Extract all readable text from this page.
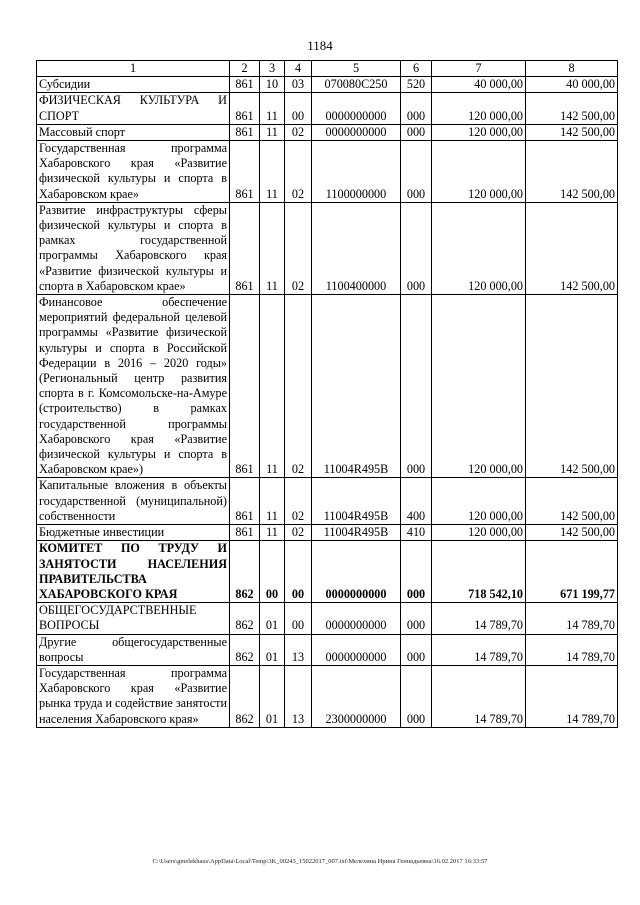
1184
1	2	3	4	5	6	7	8
Субсидии	861	10	03	070080C250	520	40 000,00	40 000,00
ФИЗИЧЕСКАЯ КУЛЬТУРА И СПОРТ	861	11	00	0000000000	000	120 000,00	142 500,00
Массовый спорт	861	11	02	0000000000	000	120 000,00	142 500,00
Государственная программа Хабаровского края «Развитие физической культуры и спорта в Хабаровском крае»	861	11	02	1100000000	000	120 000,00	142 500,00
Развитие инфраструктуры сферы физической культуры и спорта в рамках государственной программы Хабаровского края «Развитие физической культуры и спорта в Хабаровском крае»	861	11	02	1100400000	000	120 000,00	142 500,00
Финансовое обеспечение мероприятий федеральной целевой программы «Развитие физической культуры и спорта в Российской Федерации в 2016 – 2020 годы» (Региональный центр развития спорта в г. Комсомольске-на-Амуре (строительство) в рамках государственной программы Хабаровского края «Развитие физической культуры и спорта в Хабаровском крае»)	861	11	02	11004R495B	000	120 000,00	142 500,00
Капитальные вложения в объекты государственной (муниципальной) собственности	861	11	02	11004R495B	400	120 000,00	142 500,00
Бюджетные инвестиции	861	11	02	11004R495B	410	120 000,00	142 500,00
КОМИТЕТ ПО ТРУДУ И ЗАНЯТОСТИ НАСЕЛЕНИЯ ПРАВИТЕЛЬСТВА ХАБАРОВСКОГО КРАЯ	862	00	00	0000000000	000	718 542,10	671 199,77
ОБЩЕГОСУДАРСТВЕННЫЕ ВОПРОСЫ	862	01	00	0000000000	000	14 789,70	14 789,70
Другие общегосударственные вопросы	862	01	13	0000000000	000	14 789,70	14 789,70
Государственная программа Хабаровского края «Развитие рынка труда и содействие занятости населения Хабаровского края»	862	01	13	2300000000	000	14 789,70	14 789,70
C:\Users\gmelekhaus\AppData\Local\Temp\3K_00243_15022017_007.txt\Мелехина Ирина Геннадьевна\16.02.2017 16:33:57
